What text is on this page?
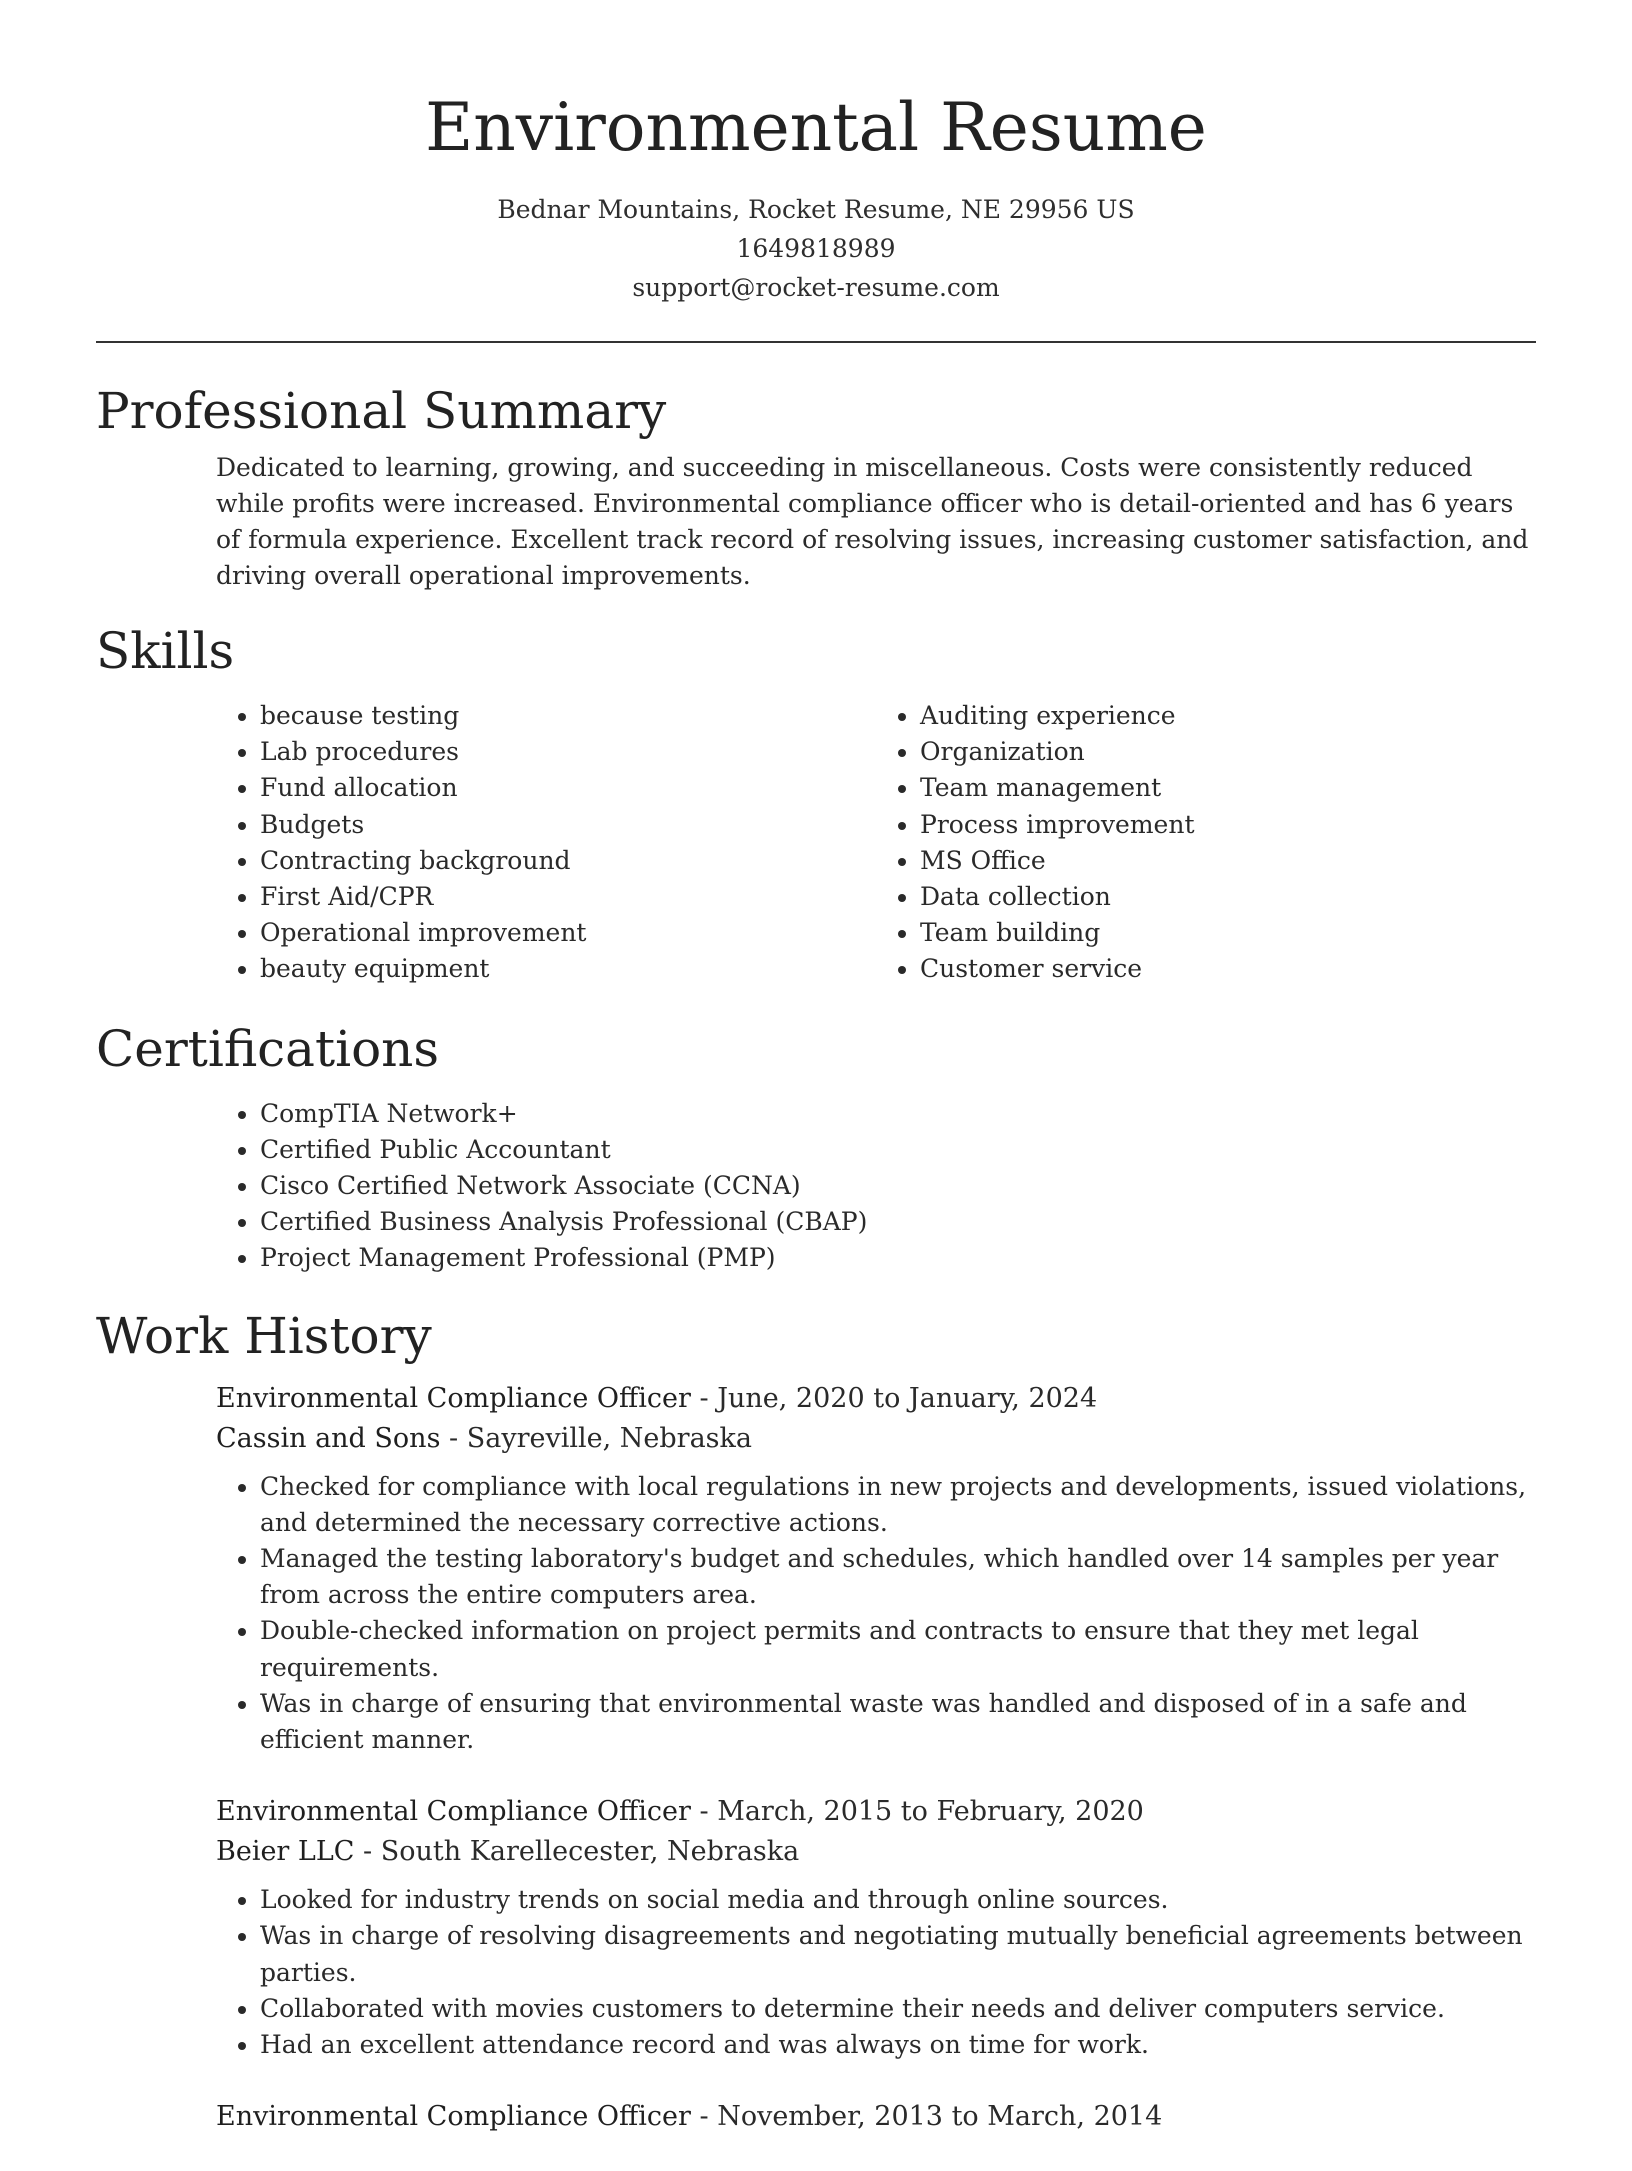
Environmental Resume
Bednar Mountains, Rocket Resume, NE 29956 US
1649818989
support@rocket-resume.com
Professional Summary

Dedicated to learning, growing, and succeeding in miscellaneous. Costs were consistently reduced while profits were increased. Environmental compliance officer who is detail-oriented and has 6 years of formula experience. Excellent track record of resolving issues, increasing customer satisfaction, and driving overall operational improvements.

Skills
• because testing
• Lab procedures
• Fund allocation
• Budgets
• Contracting background
• First Aid/CPR
• Operational improvement
• beauty equipment
• Auditing experience
• Organization
• Team management
• Process improvement
• MS Office
• Data collection
• Team building
• Customer service
Certifications
• CompTIA Network+
• Certified Public Accountant
• Cisco Certified Network Associate (CCNA)
• Certified Business Analysis Professional (CBAP)
• Project Management Professional (PMP)
Work History
Environmental Compliance Officer - June, 2020 to January, 2024
Cassin and Sons - Sayreville, Nebraska
• Checked for compliance with local regulations in new projects and developments, issued violations, and determined the necessary corrective actions.
• Managed the testing laboratory's budget and schedules, which handled over 14 samples per year from across the entire computers area.
• Double-checked information on project permits and contracts to ensure that they met legal requirements.
• Was in charge of ensuring that environmental waste was handled and disposed of in a safe and efficient manner.
Environmental Compliance Officer - March, 2015 to February, 2020
Beier LLC - South Karellecester, Nebraska
• Looked for industry trends on social media and through online sources.
• Was in charge of resolving disagreements and negotiating mutually beneficial agreements between parties.
• Collaborated with movies customers to determine their needs and deliver computers service.
• Had an excellent attendance record and was always on time for work.
Environmental Compliance Officer - November, 2013 to March, 2014
